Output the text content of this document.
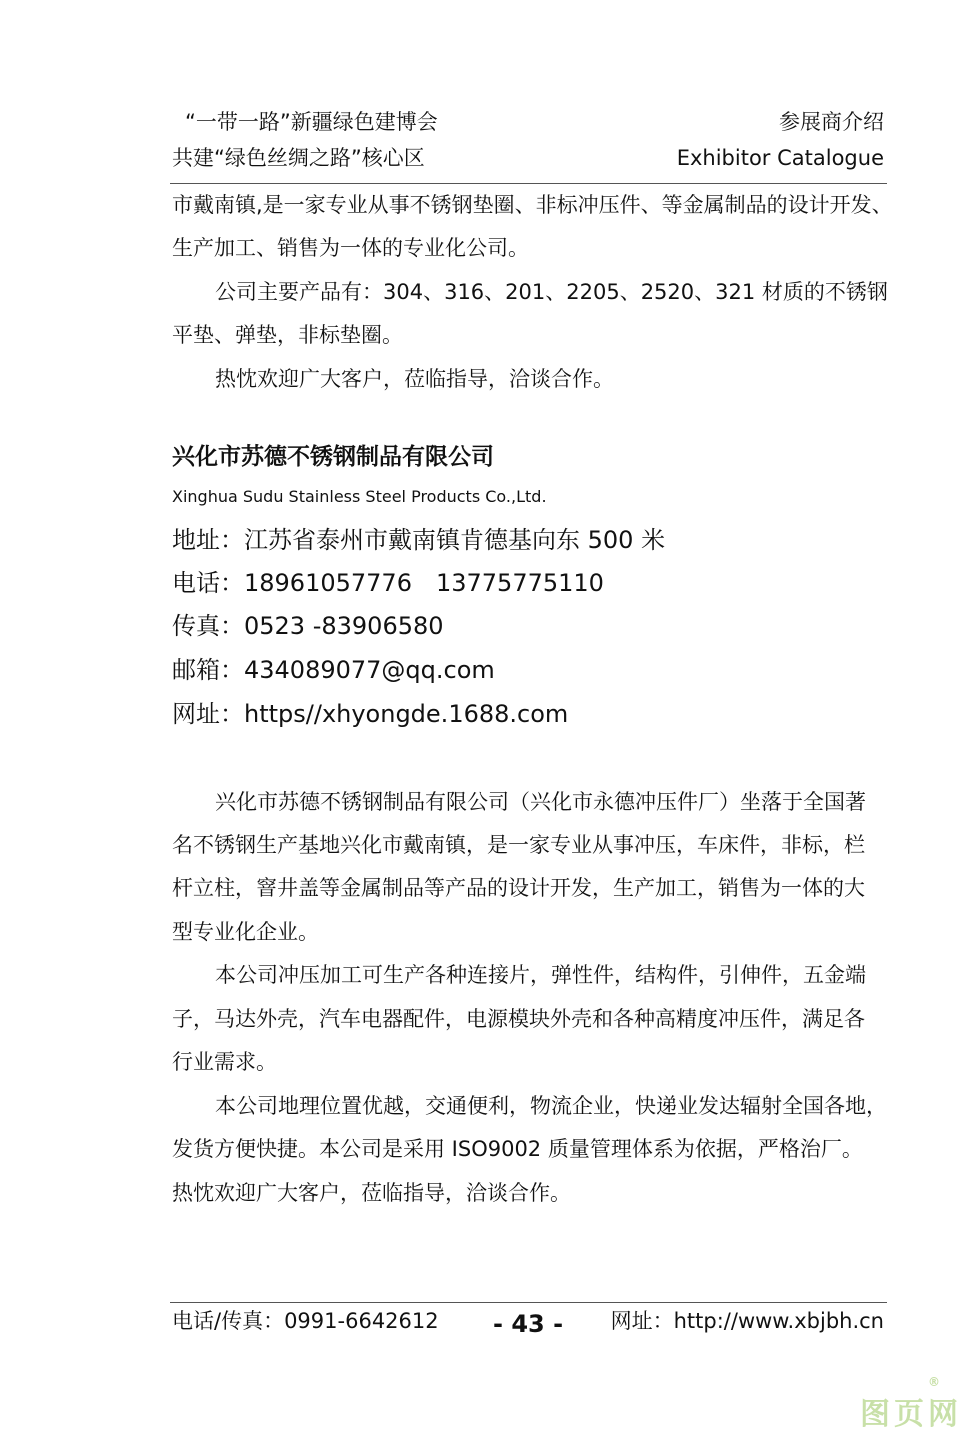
“一带一路”新疆绿色建博会
共建“绿色丝绸之路”核心区
参展商介绍
Exhibitor Catalogue
市戴南镇,是一家专业从事不锈钢垫圈、非标冲压件、等金属制品的设计开发、
生产加工、销售为一体的专业化公司。
公司主要产品有：304、316、201、2205、2520、321 材质的不锈钢
平垫、弹垫，非标垫圈。
热忱欢迎广大客户，莅临指导，洽谈合作。
兴化市苏德不锈钢制品有限公司
Xinghua Sudu Stainless Steel Products Co.,Ltd.
地址：江苏省泰州市戴南镇肯德基向东 500 米
电话：18961057776 13775775110
传真：0523 -83906580
邮箱：434089077@qq.com
网址：https//xhyongde.1688.com
兴化市苏德不锈钢制品有限公司（兴化市永德冲压件厂）坐落于全国著
名不锈钢生产基地兴化市戴南镇，是一家专业从事冲压，车床件，非标，栏
杆立柱，窨井盖等金属制品等产品的设计开发，生产加工，销售为一体的大
型专业化企业。
本公司冲压加工可生产各种连接片，弹性件，结构件，引伸件，五金端
子，马达外壳，汽车电器配件，电源模块外壳和各种高精度冲压件，满足各
行业需求。
本公司地理位置优越，交通便利，物流企业，快递业发达辐射全国各地，
发货方便快捷。本公司是采用 ISO9002 质量管理体系为依据，严格治厂。
热忱欢迎广大客户，莅临指导，洽谈合作。
电话/传真：0991-6642612 - 43 - 网址：http://www.xbjbh.cn
图页网
®
